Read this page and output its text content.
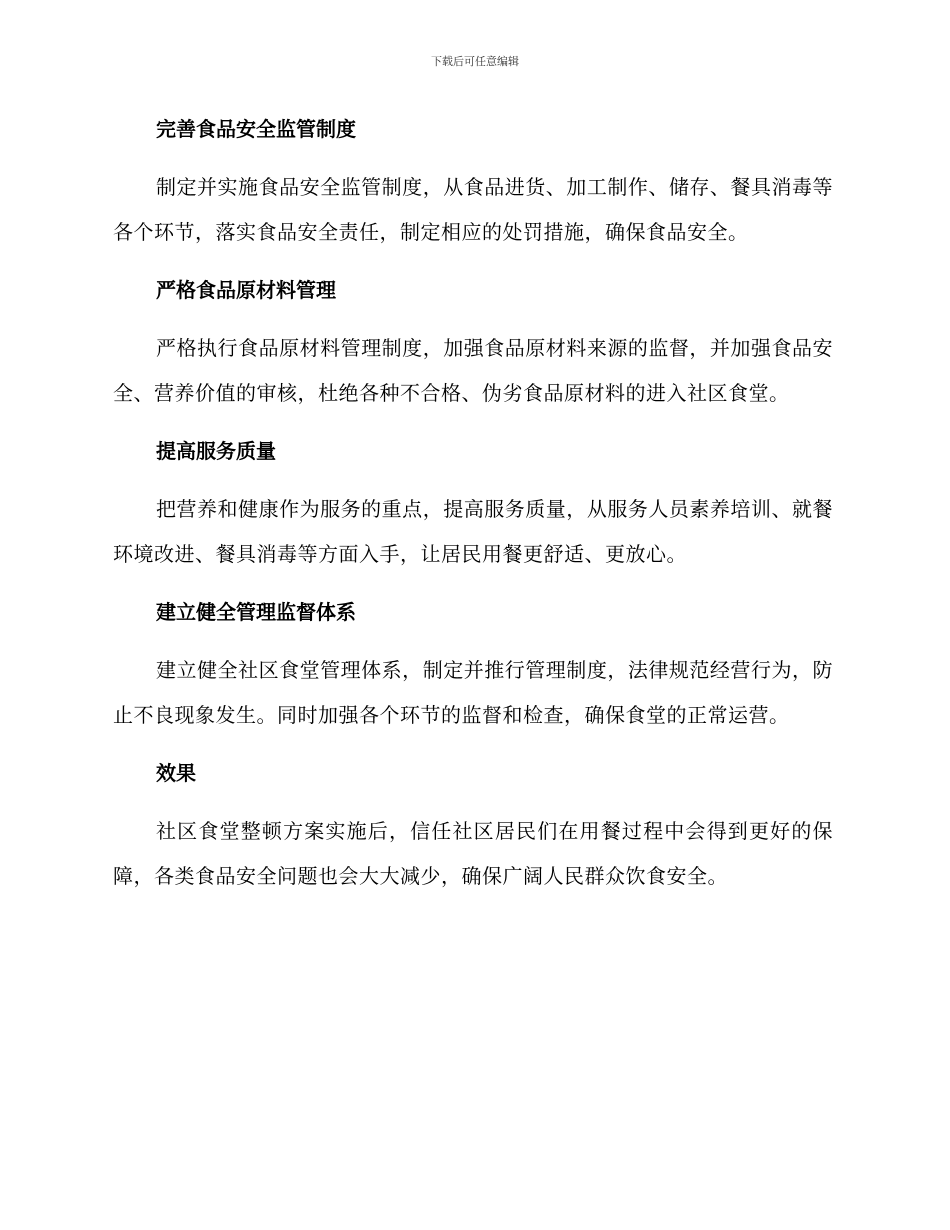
下载后可任意编辑
完善食品安全监管制度

制定并实施食品安全监管制度，从食品进货、加工制作、储存、餐具消毒等各个环节，落实食品安全责任，制定相应的处罚措施，确保食品安全。

严格食品原材料管理

严格执行食品原材料管理制度，加强食品原材料来源的监督，并加强食品安全、营养价值的审核，杜绝各种不合格、伪劣食品原材料的进入社区食堂。

提高服务质量

把营养和健康作为服务的重点，提高服务质量，从服务人员素养培训、就餐环境改进、餐具消毒等方面入手，让居民用餐更舒适、更放心。

建立健全管理监督体系

建立健全社区食堂管理体系，制定并推行管理制度，法律规范经营行为，防止不良现象发生。同时加强各个环节的监督和检查，确保食堂的正常运营。

效果

社区食堂整顿方案实施后，信任社区居民们在用餐过程中会得到更好的保障，各类食品安全问题也会大大减少，确保广阔人民群众饮食安全。
